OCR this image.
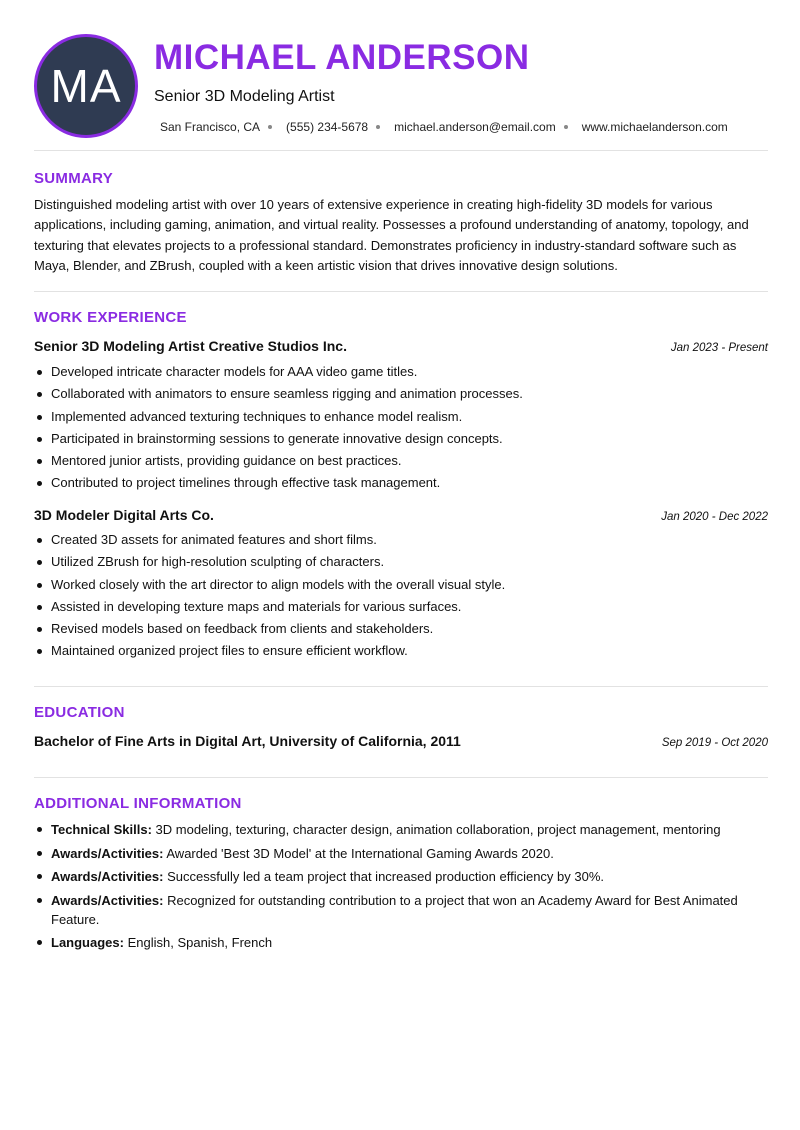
MA
MICHAEL ANDERSON
Senior 3D Modeling Artist
San Francisco, CA (555) 234-5678 michael.anderson@email.com www.michaelanderson.com
SUMMARY
Distinguished modeling artist with over 10 years of extensive experience in creating high-fidelity 3D models for various applications, including gaming, animation, and virtual reality. Possesses a profound understanding of anatomy, topology, and texturing that elevates projects to a professional standard. Demonstrates proficiency in industry-standard software such as Maya, Blender, and ZBrush, coupled with a keen artistic vision that drives innovative design solutions.
WORK EXPERIENCE
Senior 3D Modeling Artist Creative Studios Inc.	Jan 2023 - Present
Developed intricate character models for AAA video game titles.
Collaborated with animators to ensure seamless rigging and animation processes.
Implemented advanced texturing techniques to enhance model realism.
Participated in brainstorming sessions to generate innovative design concepts.
Mentored junior artists, providing guidance on best practices.
Contributed to project timelines through effective task management.
3D Modeler Digital Arts Co.	Jan 2020 - Dec 2022
Created 3D assets for animated features and short films.
Utilized ZBrush for high-resolution sculpting of characters.
Worked closely with the art director to align models with the overall visual style.
Assisted in developing texture maps and materials for various surfaces.
Revised models based on feedback from clients and stakeholders.
Maintained organized project files to ensure efficient workflow.
EDUCATION
Bachelor of Fine Arts in Digital Art, University of California, 2011	Sep 2019 - Oct 2020
ADDITIONAL INFORMATION
Technical Skills: 3D modeling, texturing, character design, animation collaboration, project management, mentoring
Awards/Activities: Awarded 'Best 3D Model' at the International Gaming Awards 2020.
Awards/Activities: Successfully led a team project that increased production efficiency by 30%.
Awards/Activities: Recognized for outstanding contribution to a project that won an Academy Award for Best Animated Feature.
Languages: English, Spanish, French
